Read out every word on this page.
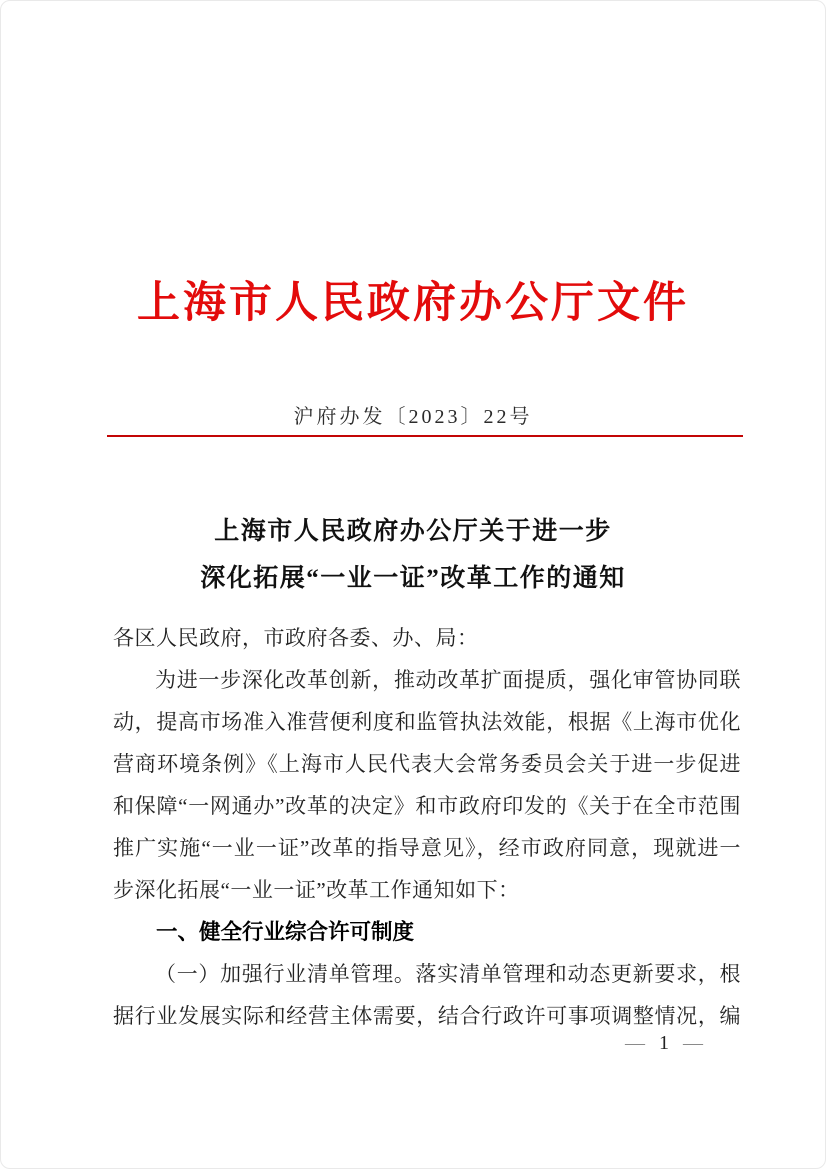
上海市人民政府办公厅文件
沪府办发〔2023〕22号
上海市人民政府办公厅关于进一步
深化拓展“一业一证”改革工作的通知
各区人民政府，市政府各委、办、局：
为进一步深化改革创新，推动改革扩面提质，强化审管协同联
动，提高市场准入准营便利度和监管执法效能，根据《上海市优化
营商环境条例》《上海市人民代表大会常务委员会关于进一步促进
和保障“一网通办”改革的决定》和市政府印发的《关于在全市范围
推广实施“一业一证”改革的指导意见》，经市政府同意，现就进一
步深化拓展“一业一证”改革工作通知如下：
一、健全行业综合许可制度
（一）加强行业清单管理。落实清单管理和动态更新要求，根
据行业发展实际和经营主体需要，结合行政许可事项调整情况，编
— 1 —
